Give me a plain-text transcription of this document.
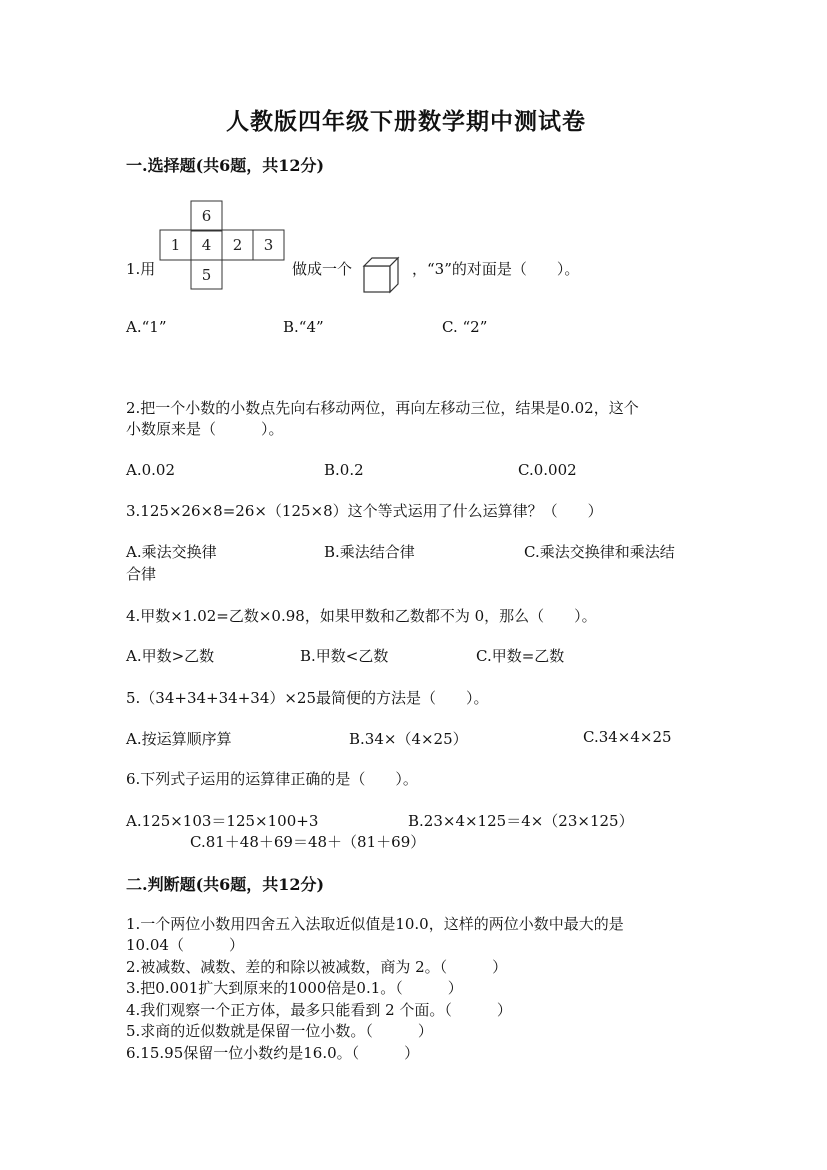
人教版四年级下册数学期中测试卷
一.选择题(共6题，共12分)
1.用
6
1 4 2 3
5	做成一个	，“3”的对面是（　　）。
A.“1”	B.“4”	C. “2”
2.把一个小数的小数点先向右移动两位，再向左移动三位，结果是0.02，这个
小数原来是（　　　）。
A.0.02	B.0.2	C.0.002
3.125×26×8=26×（125×8）这个等式运用了什么运算律？（　　）
A.乘法交换律	B.乘法结合律	C.乘法交换律和乘法结
合律
4.甲数×1.02=乙数×0.98，如果甲数和乙数都不为 0，那么（　　）。
A.甲数>乙数	B.甲数<乙数	C.甲数=乙数
5.（34+34+34+34）×25最简便的方法是（　　）。
A.按运算顺序算	B.34×（4×25）	C.34×4×25
6.下列式子运用的运算律正确的是（　　）。
A.125×103＝125×100+3	B.23×4×125＝4×（23×125）
C.81＋48＋69＝48＋（81＋69）
二.判断题(共6题，共12分)
1.一个两位小数用四舍五入法取近似值是10.0，这样的两位小数中最大的是
10.04（　　　）
2.被减数、减数、差的和除以被减数，商为 2。（　　　）
3.把0.001扩大到原来的1000倍是0.1。（　　　）
4.我们观察一个正方体，最多只能看到 2 个面。（　　　）
5.求商的近似数就是保留一位小数。（　　　）
6.15.95保留一位小数约是16.0。（　　　）
